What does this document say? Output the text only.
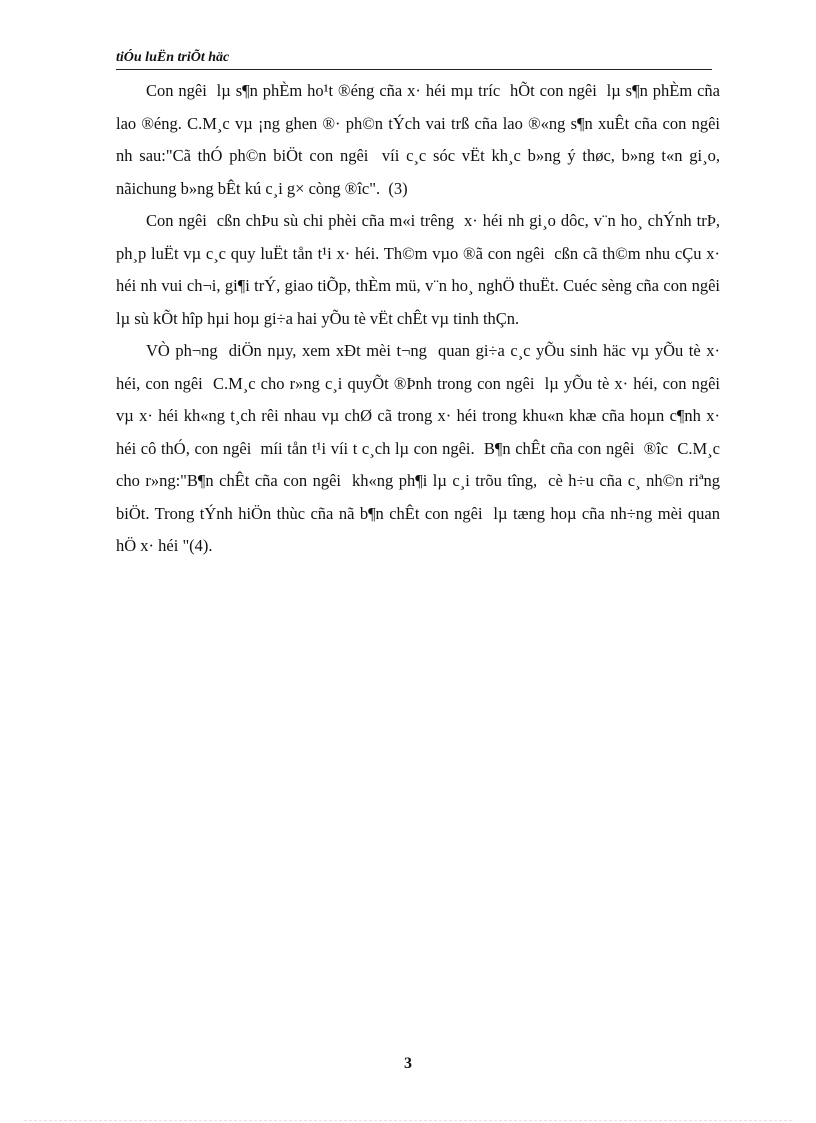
tiÓu luËn triÕt häc

Con ngêi  lµ s¶n phÈm ho¹t ®éng cña x· héi mµ tríc  hÕt con ngêi  lµ s¶n phÈm cña lao ®éng. C.M¸c vµ ¡ng ghen ®· ph©n tÝch vai trß cña lao ®«ng s¶n xuÊt cña con ngêi  nh sau:"Cã thÓ ph©n biÖt con ngêi  víi c¸c sóc vËt kh¸c b»ng ý thøc, b»ng t«n gi¸o, nãichung b»ng bÊt kú c¸i g× còng ®îc".  (3)

Con ngêi  cßn chÞu sù chi phèi cña m«i trêng  x· héi nh gi¸o dôc, v¨n ho¸ chÝnh trÞ, ph¸p luËt vµ c¸c quy luËt tån t¹i x· héi. Th©m vµo ®ã con ngêi  cßn cã th©m nhu cÇu x· héi nh vui ch¬i, gi¶i trÝ, giao tiÕp, thÈm mü, v¨n ho¸ nghÖ thuËt. Cuéc sèng cña con ngêi  lµ sù kÕt hîp hµi hoµ gi÷a hai yÕu tè vËt chÊt vµ tinh thÇn.

VÒ ph¬ng  diÖn nµy, xem xÐt mèi t¬ng  quan gi÷a c¸c yÕu sinh häc vµ yÕu tè x· héi, con ngêi  C.M¸c cho r»ng c¸i quyÕt ®Þnh trong con ngêi  lµ yÕu tè x· héi, con ngêi  vµ x· héi kh«ng t¸ch rêi nhau vµ chØ cã trong x· héi trong khu«n khæ cña hoµn c¶nh x· héi cô thÓ, con ngêi  míi tån t¹i víi t c¸ch lµ con ngêi.  B¶n chÊt cña con ngêi  ®îc  C.M¸c cho r»ng:"B¶n chÊt cña con ngêi  kh«ng ph¶i lµ c¸i trõu tîng,  cè h÷u cña c¸ nh©n riªng biÖt. Trong tÝnh hiÖn thùc cña nã b¶n chÊt con ngêi  lµ tæng hoµ cña nh÷ng mèi quan hÖ x· héi "(4).

3
